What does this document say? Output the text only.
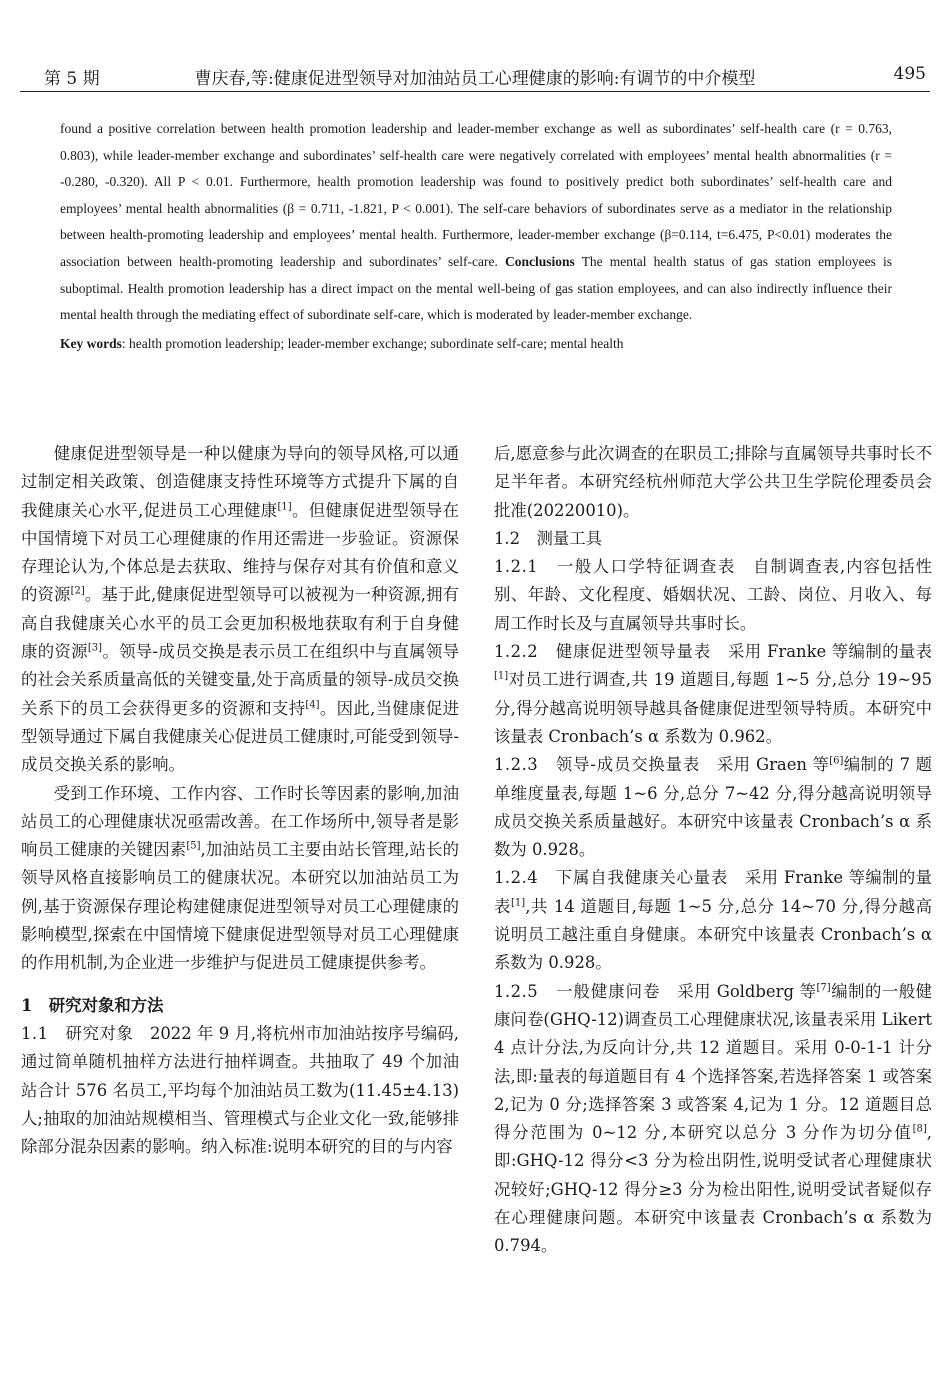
第 5 期	曹庆春,等:健康促进型领导对加油站员工心理健康的影响:有调节的中介模型	495
found a positive correlation between health promotion leadership and leader-member exchange as well as subordinates’ self-health care (r = 0.763, 0.803), while leader-member exchange and subordinates’ self-health care were negatively correlated with employees’ mental health abnormalities (r = -0.280, -0.320). All P < 0.01. Furthermore, health promotion leadership was found to positively predict both subordinates’ self-health care and employees’ mental health abnormalities (β = 0.711, -1.821, P < 0.001). The self-care behaviors of subordinates serve as a mediator in the relationship between health-promoting leadership and employees’ mental health. Furthermore, leader-member exchange (β=0.114, t=6.475, P<0.01) moderates the association between health-promoting leadership and subordinates’ self-care. Conclusions The mental health status of gas station employees is suboptimal. Health promotion leadership has a direct impact on the mental well-being of gas station employees, and can also indirectly influence their mental health through the mediating effect of subordinate self-care, which is moderated by leader-member exchange.
Key words: health promotion leadership; leader-member exchange; subordinate self-care; mental health

健康促进型领导是一种以健康为导向的领导风格,可以通过制定相关政策、创造健康支持性环境等方式提升下属的自我健康关心水平,促进员工心理健康[1]。但健康促进型领导在中国情境下对员工心理健康的作用还需进一步验证。资源保存理论认为,个体总是去获取、维持与保存对其有价值和意义的资源[2]。基于此,健康促进型领导可以被视为一种资源,拥有高自我健康关心水平的员工会更加积极地获取有利于自身健康的资源[3]。领导-成员交换是表示员工在组织中与直属领导的社会关系质量高低的关键变量,处于高质量的领导-成员交换关系下的员工会获得更多的资源和支持[4]。因此,当健康促进型领导通过下属自我健康关心促进员工健康时,可能受到领导-成员交换关系的影响。

受到工作环境、工作内容、工作时长等因素的影响,加油站员工的心理健康状况亟需改善。在工作场所中,领导者是影响员工健康的关键因素[5],加油站员工主要由站长管理,站长的领导风格直接影响员工的健康状况。本研究以加油站员工为例,基于资源保存理论构建健康促进型领导对员工心理健康的影响模型,探索在中国情境下健康促进型领导对员工心理健康的作用机制,为企业进一步维护与促进员工健康提供参考。

1　研究对象和方法

1.1　研究对象　2022 年 9 月,将杭州市加油站按序号编码,通过简单随机抽样方法进行抽样调查。共抽取了 49 个加油站合计 576 名员工,平均每个加油站员工数为(11.45±4.13)人;抽取的加油站规模相当、管理模式与企业文化一致,能够排除部分混杂因素的影响。纳入标准:说明本研究的目的与内容

后,愿意参与此次调查的在职员工;排除与直属领导共事时长不足半年者。本研究经杭州师范大学公共卫生学院伦理委员会批准(20220010)。

1.2　测量工具

1.2.1　一般人口学特征调查表　自制调查表,内容包括性别、年龄、文化程度、婚姻状况、工龄、岗位、月收入、每周工作时长及与直属领导共事时长。

1.2.2　健康促进型领导量表　采用 Franke 等编制的量表[1]对员工进行调查,共 19 道题目,每题 1~5 分,总分 19~95 分,得分越高说明领导越具备健康促进型领导特质。本研究中该量表 Cronbach’s α 系数为 0.962。

1.2.3　领导-成员交换量表　采用 Graen 等[6]编制的 7 题单维度量表,每题 1~6 分,总分 7~42 分,得分越高说明领导成员交换关系质量越好。本研究中该量表 Cronbach’s α 系数为 0.928。

1.2.4　下属自我健康关心量表　采用 Franke 等编制的量表[1],共 14 道题目,每题 1~5 分,总分 14~70 分,得分越高说明员工越注重自身健康。本研究中该量表 Cronbach’s α 系数为 0.928。

1.2.5　一般健康问卷　采用 Goldberg 等[7]编制的一般健康问卷(GHQ-12)调查员工心理健康状况,该量表采用 Likert 4 点计分法,为反向计分,共 12 道题目。采用 0-0-1-1 计分法,即:量表的每道题目有 4 个选择答案,若选择答案 1 或答案 2,记为 0 分;选择答案 3 或答案 4,记为 1 分。12 道题目总得分范围为 0~12 分,本研究以总分 3 分作为切分值[8],即:GHQ-12 得分<3 分为检出阴性,说明受试者心理健康状况较好;GHQ-12 得分≥3 分为检出阳性,说明受试者疑似存在心理健康问题。本研究中该量表 Cronbach’s α 系数为 0.794。
